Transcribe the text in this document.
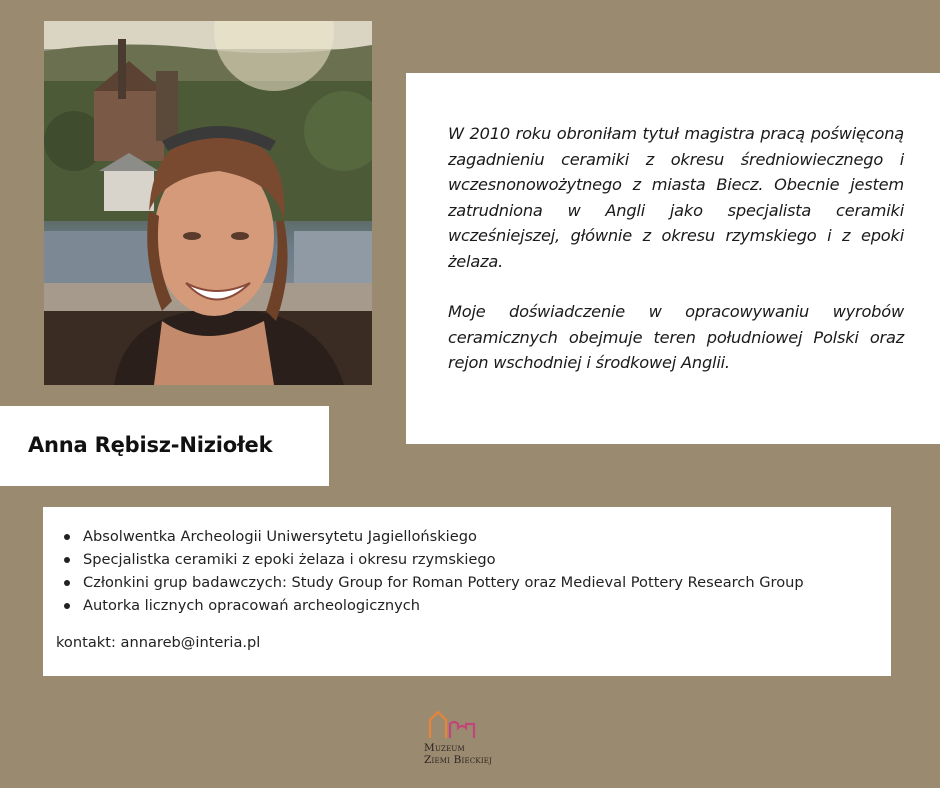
W 2010 roku obroniłam tytuł magistra pracą poświęconą zagadnieniu ceramiki z okresu średniowiecznego i wczesnonowożytnego z miasta Biecz. Obecnie jestem zatrudniona w Angli jako specjalista ceramiki wcześniejszej, głównie z okresu rzymskiego i z epoki żelaza.

Moje doświadczenie w opracowywaniu wyrobów ceramicznych obejmuje teren południowej Polski oraz rejon wschodniej i środkowej Anglii.

Anna Rębisz-Niziołek
Absolwentka Archeologii Uniwersytetu Jagiellońskiego
Specjalistka ceramiki z epoki żelaza i okresu rzymskiego
Członkini grup badawczych: Study Group for Roman Pottery oraz Medieval Pottery Research Group
Autorka licznych opracowań archeologicznych
kontakt: annareb@interia.pl
Muzeum
Ziemi Bieckiej
